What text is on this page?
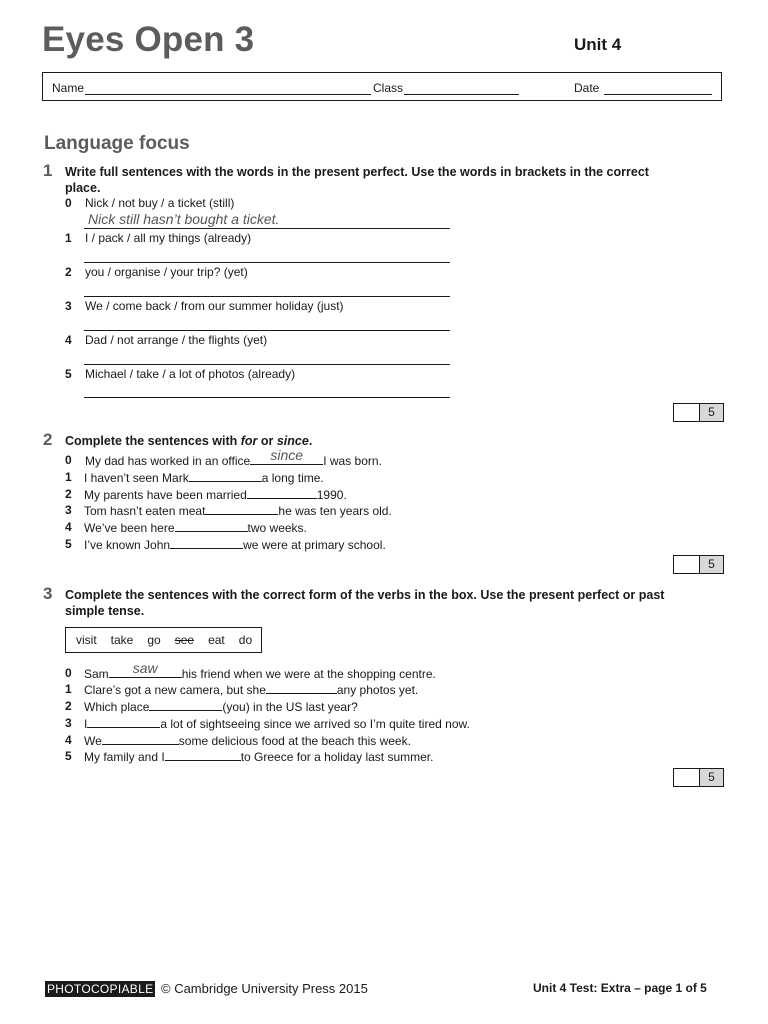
Eyes Open 3	Unit 4
Name	Class	Date
Language focus
1 Write full sentences with the words in the present perfect. Use the words in brackets in the correct place.
0 Nick / not buy / a ticket (still)
Nick still hasn’t bought a ticket.
1 I / pack / all my things (already)
2 you / organise / your trip? (yet)
3 We / come back / from our summer holiday (just)
4 Dad / not arrange / the flights (yet)
5 Michael / take / a lot of photos (already)
5
2 Complete the sentences with for or since.
0 My dad has worked in an office	since	I was born.
1 I haven’t seen Mark	a long time.
2 My parents have been married	1990.
3 Tom hasn’t eaten meat	he was ten years old.
4 We’ve been here	two weeks.
5 I’ve known John	we were at primary school.
5
3 Complete the sentences with the correct form of the verbs in the box. Use the present perfect or past simple tense.
visit take go see eat do
0 Sam	saw	his friend when we were at the shopping centre.
1 Clare’s got a new camera, but she	any photos yet.
2 Which place	(you) in the US last year?
3 I	a lot of sightseeing since we arrived so I’m quite tired now.
4 We	some delicious food at the beach this week.
5 My family and I	to Greece for a holiday last summer.
5
PHOTOCOPIABLE © Cambridge University Press 2015	Unit 4 Test: Extra – page 1 of 5
